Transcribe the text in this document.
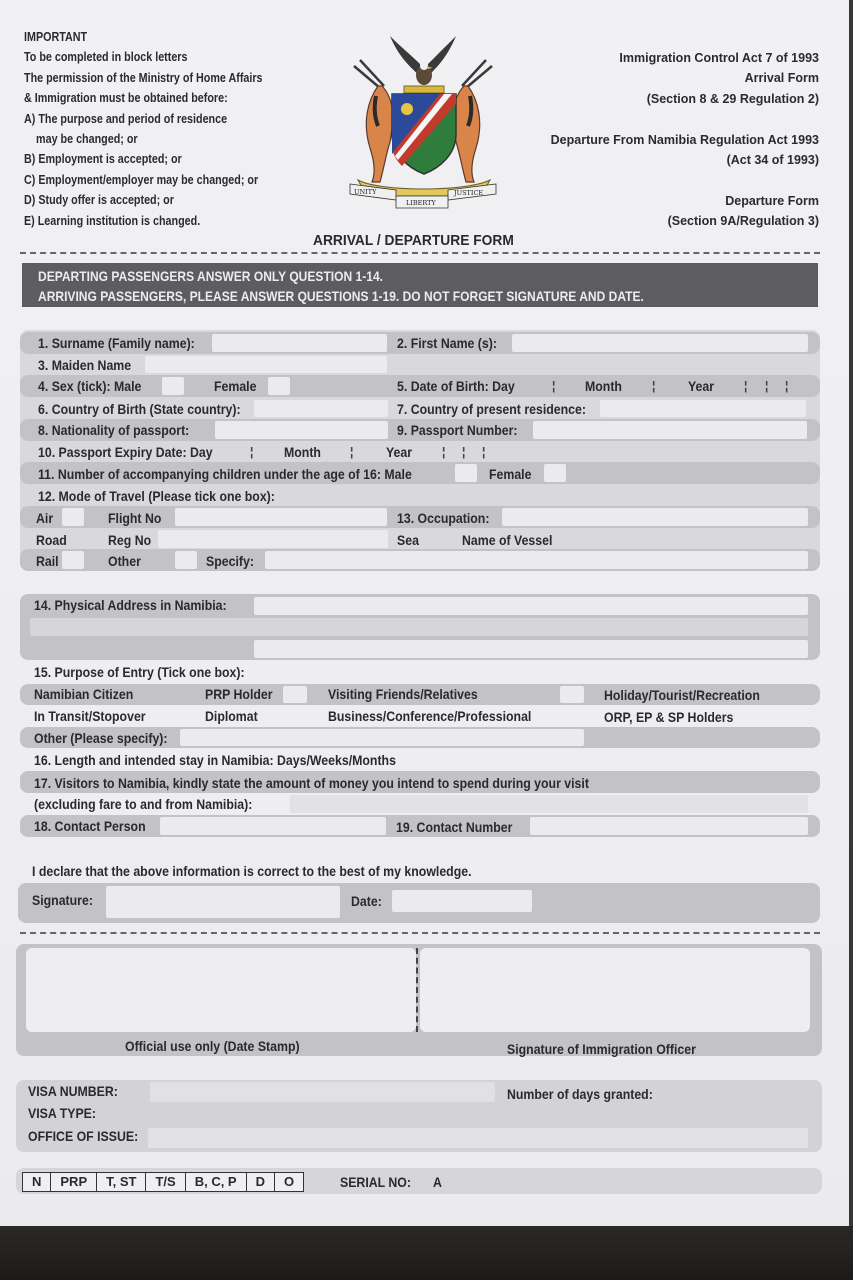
IMPORTANT
To be completed in block letters
The permission of the Ministry of Home Affairs
& Immigration must be obtained before:
A) The purpose and period of residence
may be changed; or
B) Employment is accepted; or
C) Employment/employer may be changed; or
D) Study offer is accepted; or
E) Learning institution is changed.
Immigration Control Act 7 of 1993
Arrival Form
(Section 8 & 29 Regulation 2)

Departure From Namibia Regulation Act 1993
(Act 34 of 1993)

Departure Form
(Section 9A/Regulation 3)
UNITY
LIBERTY
JUSTICE
ARRIVAL / DEPARTURE FORM
DEPARTING PASSENGERS ANSWER ONLY QUESTION 1-14.
ARRIVING PASSENGERS, PLEASE ANSWER QUESTIONS 1-19. DO NOT FORGET SIGNATURE AND DATE.
1. Surname (Family name):	2. First Name (s):
3. Maiden Name
4. Sex (tick): Male	Female	5. Date of Birth: Day	¦ Month	¦ Year ¦ ¦ ¦
6. Country of Birth (State country):	7. Country of present residence:
8. Nationality of passport:	9. Passport Number:
10. Passport Expiry Date: Day	¦ Month ¦ Year ¦ ¦ ¦
11. Number of accompanying children under the age of 16: Male	Female
12. Mode of Travel (Please tick one box):
Air	Flight No	13. Occupation:
Road	Reg No	Sea	Name of Vessel
Rail	Other	Specify:
14. Physical Address in Namibia:
15. Purpose of Entry (Tick one box):
Namibian Citizen	PRP Holder	Visiting Friends/Relatives	Holiday/Tourist/Recreation
In Transit/Stopover	Diplomat	Business/Conference/Professional	ORP, EP & SP Holders
Other (Please specify):
16. Length and intended stay in Namibia: Days/Weeks/Months
17. Visitors to Namibia, kindly state the amount of money you intend to spend during your visit
(excluding fare to and from Namibia):
18. Contact Person	19. Contact Number
I declare that the above information is correct to the best of my knowledge.
Signature:	Date:
Official use only (Date Stamp)	Signature of Immigration Officer
VISA NUMBER:	Number of days granted:
VISA TYPE:
OFFICE OF ISSUE:
N	PRP	T, ST	T/S	B, C, P	D	O	SERIAL NO: A
